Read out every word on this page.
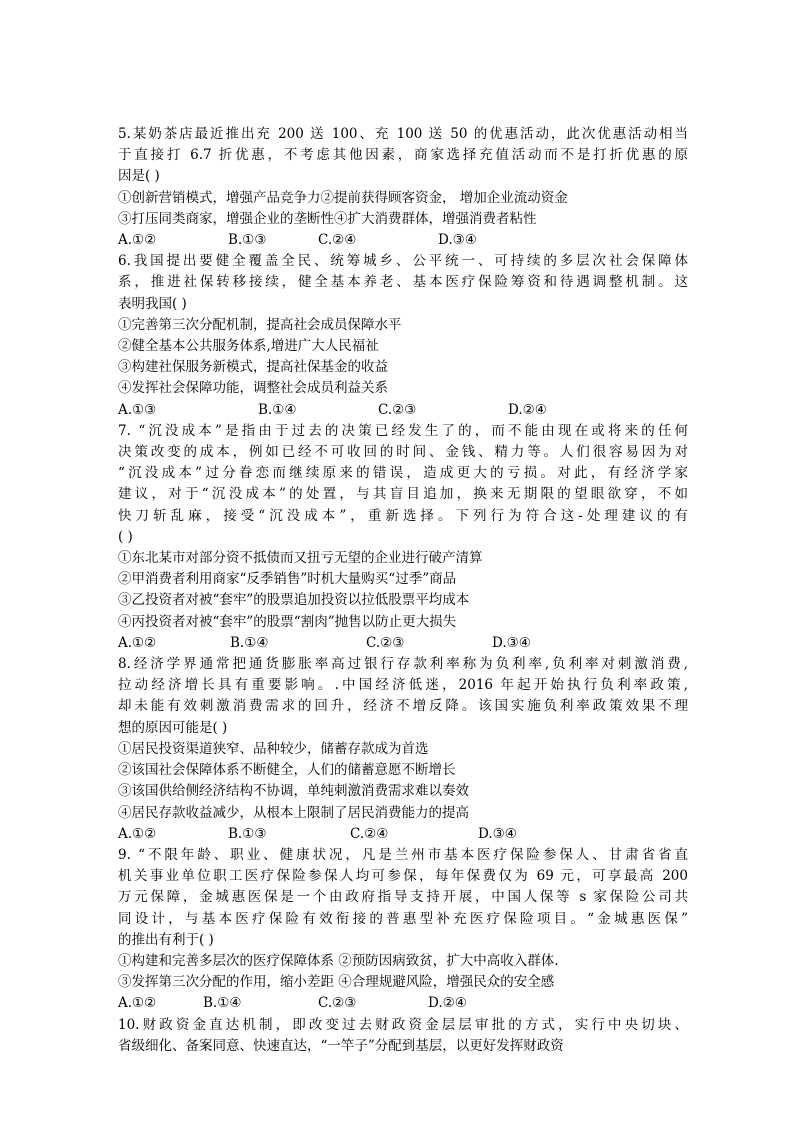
5.某奶茶店最近推出充 200 送 100、充 100 送 50 的优惠活动，此次优惠活动相当
于直接打 6.7 折优惠，不考虑其他因素，商家选择充值活动而不是打折优惠的原
因是( )
①创新营销模式，增强产品竞争力②提前获得顾客资金， 增加企业流动资金
③打压同类商家，增强企业的垄断性④扩大消费群体，增强消费者粘性
A.①②	B.①③	C.②④	D.③④
6.我国提出要健全覆盖全民、统筹城乡、公平统一、可持续的多层次社会保障体
系，推进社保转移接续，健全基本养老、基本医疗保险筹资和待遇调整机制。这
表明我国( )
①完善第三次分配机制，提高社会成员保障水平
②健全基本公共服务体系,增进广大人民福祉
③构建社保服务新模式，提高社保基金的收益
④发挥社会保障功能，调整社会成员利益关系
A.①③	B.①④	C.②③	D.②④
7. “沉没成本”是指由于过去的决策已经发生了的，而不能由现在或将来的任何
决策改变的成本，例如已经不可收回的时间、金钱、精力等。人们很容易因为对
“沉没成本”过分眷恋而继续原来的错误，造成更大的亏损。对此，有经济学家
建议，对于“沉没成本”的处置，与其盲目追加，换来无期限的望眼欲穿，不如
快刀斩乱麻，接受“沉没成本”，重新选择。下列行为符合这-处理建议的有
( )
①东北某市对部分资不抵债而又扭亏无望的企业进行破产清算
②甲消费者利用商家“反季销售”时机大量购买“过季”商品
③乙投资者对被“套牢”的股票追加投资以拉低股票平均成本
④丙投资者对被“套牢”的股票“割肉”抛售以防止更大损失
A.①②	B.①④	C.②③	D.③④
8.经济学界通常把通货膨胀率高过银行存款利率称为负利率,负利率对刺激消费,
拉动经济增长具有重要影响。.中国经济低迷，2016 年起开始执行负利率政策,
却未能有效刺激消费需求的回升，经济不增反降。该国实施负利率政策效果不理
想的原因可能是( )
①居民投资渠道狭窄、品种较少，储蓄存款成为首选
②该国社会保障体系不断健全，人们的储蓄意愿不断增长
③该国供给侧经济结构不协调，单纯刺激消费需求难以奏效
④居民存款收益减少，从根本上限制了居民消费能力的提高
A.①②	B.①③	C.②④	D.③④
9. “不限年龄、职业、健康状况，凡是兰州市基本医疗保险参保人、甘肃省省直
机关事业单位职工医疗保险参保人均可参保，每年保费仅为 69 元，可享最高 200
万元保障，金城惠医保是一个由政府指导支持开展，中国人保等 s 家保险公司共
同设计，与基本医疗保险有效衔接的普惠型补充医疗保险项目。“金城惠医保”
的推出有利于( )
①构建和完善多层次的医疗保障体系 ②预防因病致贫，扩大中高收入群体.
③发挥第三次分配的作用，缩小差距 ④合理规避风险，增强民众的安全感
A.①②	B.①④	C.②③	D.②④
10.财政资金直达机制，即改变过去财政资金层层审批的方式，实行中央切块、
省级细化、备案同意、快速直达，“一竿子”分配到基层，以更好发挥财政资
